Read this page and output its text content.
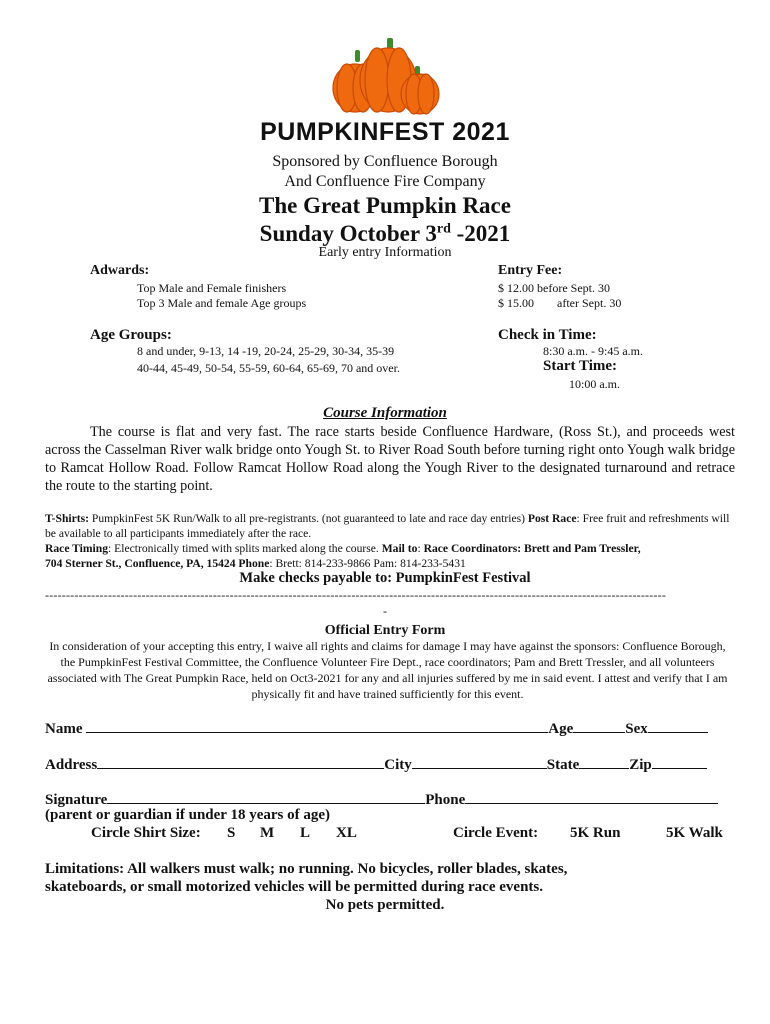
PUMPKINFEST 2021
Sponsored by Confluence Borough
And Confluence Fire Company
The Great Pumpkin Race
Sunday October 3rd -2021
Early entry Information
Adwards:
Top Male and Female finishers
Top 3 Male and female Age groups
Entry Fee:
$ 12.00 before Sept. 30
$ 15.00 after Sept. 30
Age Groups:
8 and under, 9-13, 14 -19, 20-24, 25-29, 30-34, 35-39
40-44, 45-49, 50-54, 55-59, 60-64, 65-69, 70 and over.
Check in Time:
8:30 a.m. - 9:45 a.m.
Start Time:
10:00 a.m.
Course Information
The course is flat and very fast. The race starts beside Confluence Hardware, (Ross St.), and proceeds west across the Casselman River walk bridge onto Yough St. to River Road South before turning right onto Yough walk bridge to Ramcat Hollow Road. Follow Ramcat Hollow Road along the Yough River to the designated turnaround and retrace the route to the starting point.
T-Shirts: PumpkinFest 5K Run/Walk to all pre-registrants. (not guaranteed to late and race day entries) Post Race: Free fruit and refreshments will be available to all participants immediately after the race.
Race Timing: Electronically timed with splits marked along the course. Mail to: Race Coordinators: Brett and Pam Tressler,
704 Sterner St., Confluence, PA, 15424 Phone: Brett: 814-233-9866 Pam: 814-233-5431
Make checks payable to: PumpkinFest Festival
----------------------------------------------------------------------------------------------------------------------------------------------------
-
Official Entry Form
In consideration of your accepting this entry, I waive all rights and claims for damage I may have against the sponsors: Confluence Borough, the PumpkinFest Festival Committee, the Confluence Volunteer Fire Dept., race coordinators; Pam and Brett Tressler, and all volunteers associated with The Great Pumpkin Race, held on Oct3-2021 for any and all injuries suffered by me in said event. I attest and verify that I am physically fit and have trained sufficiently for this event.
Name	Age	Sex
Address	City	State	Zip
Signature	Phone
(parent or guardian if under 18 years of age)
Circle Shirt Size: S M L XL	Circle Event: 5K Run	5K Walk
Limitations: All walkers must walk; no running. No bicycles, roller blades, skates,
skateboards, or small motorized vehicles will be permitted during race events.
No pets permitted.
